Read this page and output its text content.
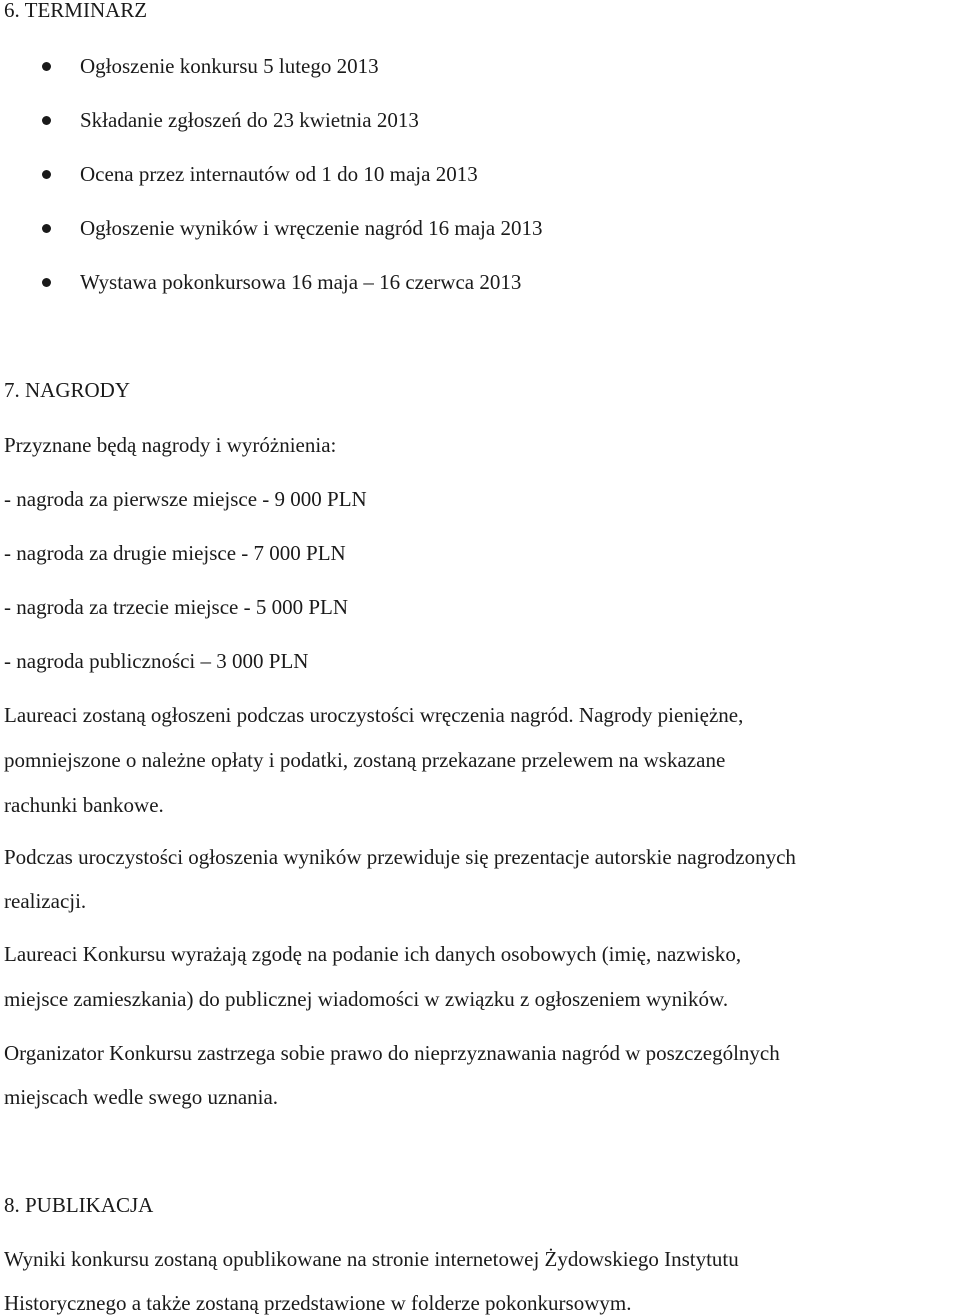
6. TERMINARZ
Ogłoszenie konkursu 5 lutego 2013
Składanie zgłoszeń do 23 kwietnia 2013
Ocena przez internautów od 1 do 10 maja 2013
Ogłoszenie wyników i wręczenie nagród 16 maja 2013
Wystawa pokonkursowa 16 maja – 16 czerwca 2013
7. NAGRODY
Przyznane będą nagrody i wyróżnienia:
- nagroda za pierwsze miejsce - 9 000 PLN
- nagroda za drugie miejsce - 7 000 PLN
- nagroda za trzecie miejsce - 5 000 PLN
- nagroda publiczności – 3 000 PLN
Laureaci zostaną ogłoszeni podczas uroczystości wręczenia nagród. Nagrody pieniężne,
pomniejszone o należne opłaty i podatki, zostaną przekazane przelewem na wskazane
rachunki bankowe.
Podczas uroczystości ogłoszenia wyników przewiduje się prezentacje autorskie nagrodzonych
realizacji.
Laureaci Konkursu wyrażają zgodę na podanie ich danych osobowych (imię, nazwisko,
miejsce zamieszkania) do publicznej wiadomości w związku z ogłoszeniem wyników.
Organizator Konkursu zastrzega sobie prawo do nieprzyznawania nagród w poszczególnych
miejscach wedle swego uznania.
8. PUBLIKACJA
Wyniki konkursu zostaną opublikowane na stronie internetowej Żydowskiego Instytutu
Historycznego a także zostaną przedstawione w folderze pokonkursowym.
